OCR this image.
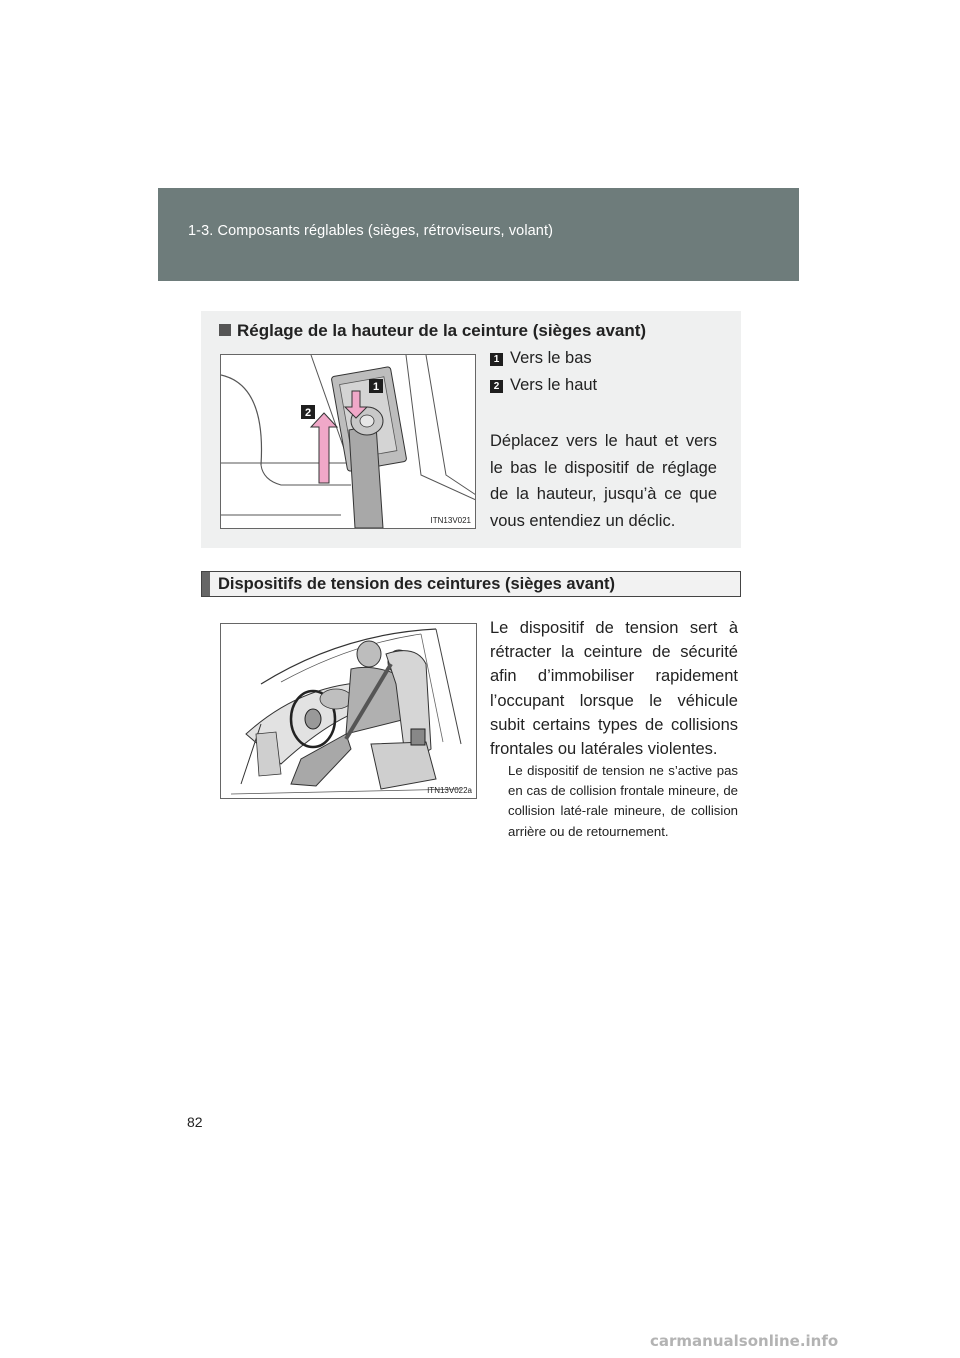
1-3. Composants réglables (sièges, rétroviseurs, volant)
Réglage de la hauteur de la ceinture (sièges avant)
1
2
ITN13V021
1 Vers le bas
2 Vers le haut
Déplacez vers le haut et vers le bas le dispositif de réglage de la hauteur, jusqu’à ce que vous entendiez un déclic.
Dispositifs de tension des ceintures (sièges avant)
ITN13V022a
Le dispositif de tension sert à rétracter la ceinture de sécurité afin d’immobiliser rapidement l’occupant lorsque le véhicule subit certains types de collisions frontales ou latérales violentes.
Le dispositif de tension ne s’active pas en cas de collision frontale mineure, de collision laté-rale mineure, de collision arrière ou de retournement.
82
carmanualsonline.info
